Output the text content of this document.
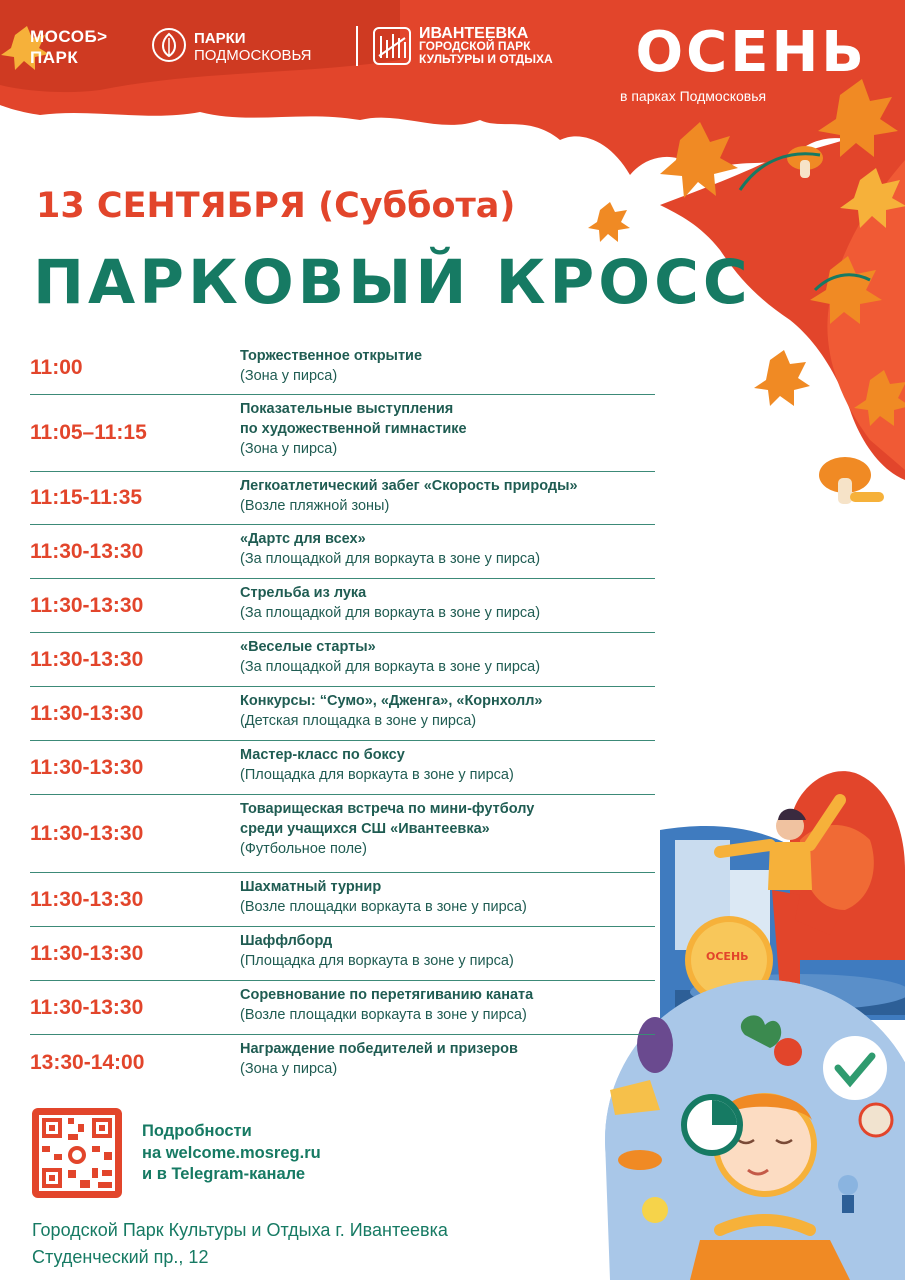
МОСОБ>
ПАРК
ПАРКИ
ПОДМОСКОВЬЯ
ИВАНТЕЕВКА
ГОРОДСКОЙ ПАРК
КУЛЬТУРЫ И ОТДЫХА ОСЕНЬ
в парках Подмосковья
13 СЕНТЯБРЯ (Суббота)
ПАРКОВЫЙ КРОСС
11:00	Торжественное открытие
(Зона у пирса)
11:05–11:15
Показательные выступления
по художественной гимнастике
(Зона у пирса)
11:15-11:35	Легкоатлетический забег «Скорость природы»
(Возле пляжной зоны)
11:30-13:30
«Дартс для всех»
(За площадкой для воркаута в зоне у пирса)
11:30-13:30
Стрельба из лука
(За площадкой для воркаута в зоне у пирса)
11:30-13:30
«Веселые старты»
(За площадкой для воркаута в зоне у пирса)
11:30-13:30
Конкурсы: “Сумо», «Дженга», «Корнхолл»
(Детская площадка в зоне у пирса)
11:30-13:30
Мастер-класс по боксу
(Площадка для воркаута в зоне у пирса)
11:30-13:30
Товарищеская встреча по мини-футболу
среди учащихся СШ «Ивантеевка»
(Футбольное поле)
11:30-13:30
Шахматный турнир
(Возле площадки воркаута в зоне у пирса)
11:30-13:30
Шаффлборд
(Площадка для воркаута в зоне у пирса)
11:30-13:30
Соревнование по перетягиванию каната
(Возле площадки воркаута в зоне у пирса)
13:30-14:00
Награждение победителей и призеров
(Зона у пирса)
Подробности
на welcome.mosreg.ru
и в Telegram-канале
Городской Парк Культуры и Отдыха г. Ивантеевка
Студенческий пр., 12
ОСЕНЬ
